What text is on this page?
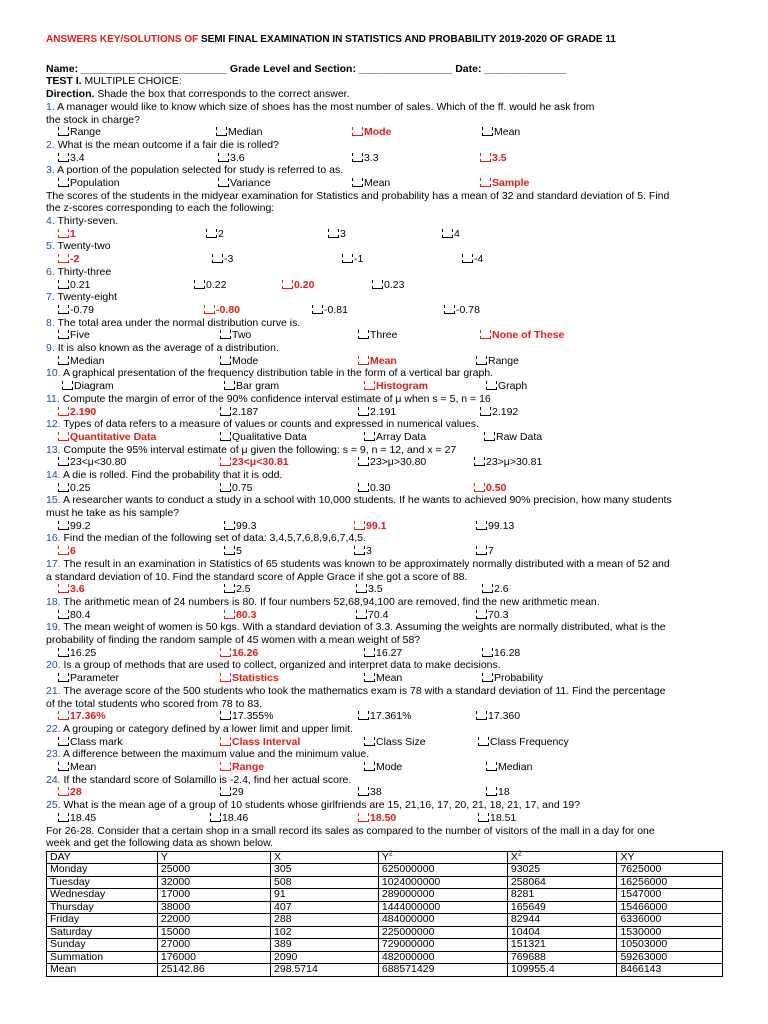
ANSWERS KEY/SOLUTIONS OF SEMI FINAL EXAMINATION IN STATISTICS AND PROBABILITY 2019-2020 OF GRADE 11
Name: _________________________ Grade Level and Section: ________________ Date: ______________
TEST I. MULTIPLE CHOICE:
Direction. Shade the box that corresponds to the correct answer.
1. A manager would like to know which size of shoes has the most number of sales. Which of the ff. would he ask from
the stock in charge?
Range	Median	Mode	Mean
2. What is the mean outcome if a fair die is rolled?
3.4	3.6	3.3	3.5
3. A portion of the population selected for study is referred to as.
Population	Variance	Mean	Sample
The scores of the students in the midyear examination for Statistics and probability has a mean of 32 and standard deviation of 5. Find
the z-scores corresponding to each the following:
4. Thirty-seven.
1	2	3	4
5. Twenty-two
-2	-3	-1	-4
6. Thirty-three
0.21	0.22	0.20	0.23
7. Twenty-eight
-0.79	-0.80	-0.81	-0.78
8. The total area under the normal distribution curve is.
Five	Two	Three	None of These
9. It is also known as the average of a distribution.
Median	Mode	Mean	Range
10. A graphical presentation of the frequency distribution table in the form of a vertical bar graph.
Diagram	Bar gram	Histogram	Graph
11. Compute the margin of error of the 90% confidence interval estimate of μ when s = 5, n = 16
2.190	2.187	2.191	2.192
12. Types of data refers to a measure of values or counts and expressed in numerical values.
Quantitative Data	Qualitative Data	Array Data	Raw Data
13. Compute the 95% interval estimate of μ given the following: s = 9, n = 12, and x = 27
23<μ<30.80	23<μ<30.81	23>μ>30.80	23>μ>30.81
14. A die is rolled. Find the probability that it is odd.
0.25	0.75	0.30	0.50
15. A researcher wants to conduct a study in a school with 10,000 students. If he wants to achieved 90% precision, how many students
must he take as his sample?
99.2	99.3	99.1	99.13
16. Find the median of the following set of data: 3,4,5,7,6,8,9,6,7,4,5.
6	5	3	7
17. The result in an examination in Statistics of 65 students was known to be approximately normally distributed with a mean of 52 and
a standard deviation of 10. Find the standard score of Apple Grace if she got a score of 88.
3.6	2.5	3.5	2.6
18. The arithmetic mean of 24 numbers is 80. If four numbers 52,68,94,100 are removed, find the new arithmetic mean.
80.4	80.3	70.4	70.3
19. The mean weight of women is 50 kgs. With a standard deviation of 3.3. Assuming the weights are normally distributed, what is the
probability of finding the random sample of 45 women with a mean weight of 58?
16.25	16.26	16.27	16.28
20. Is a group of methods that are used to collect, organized and interpret data to make decisions.
Parameter	Statistics	Mean	Probability
21. The average score of the 500 students who took the mathematics exam is 78 with a standard deviation of 11. Find the percentage
of the total students who scored from 78 to 83.
17.36%	17.355%	17.361%	17.360
22. A grouping or category defined by a lower limit and upper limit.
Class mark	Class Interval	Class Size	Class Frequency
23. A difference between the maximum value and the minimum value.
Mean	Range	Mode	Median
24. If the standard score of Solamillo is -2.4, find her actual score.
28	29	38	18
25. What is the mean age of a group of 10 students whose girlfriends are 15, 21,16, 17, 20, 21, 18, 21, 17, and 19?
18.45	18.46	18.50	18.51
For 26-28. Consider that a certain shop in a small record its sales as compared to the number of visitors of the mall in a day for one
week and get the following data as shown below.
DAY	Y	X	$Y^2$	$X^2$	XY
Monday	25000	305	625000000	93025	7625000
Tuesday	32000	508	1024000000	258064	16256000
Wednesday	17000	91	289000000	8281	1547000
Thursday	38000	407	1444000000	165649	15466000
Friday	22000	288	484000000	82944	6336000
Saturday	15000	102	225000000	10404	1530000
Sunday	27000	389	729000000	151321	10503000
Summation	176000	2090	482000000	769688	59263000
Mean	25142.86	298.5714	688571429	109955.4	8466143
